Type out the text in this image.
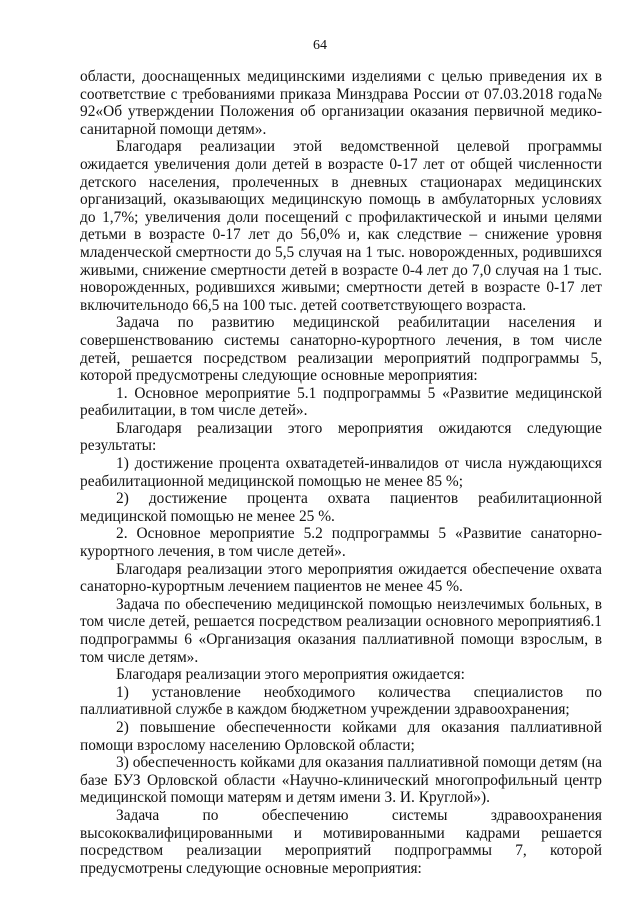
64

области, дооснащенных медицинскими изделиями с целью приведения их в соответствие с требованиями приказа Минздрава России от 07.03.2018 года№ 92«Об утверждении Положения об организации оказания первичной медико-санитарной помощи детям».

Благодаря реализации этой ведомственной целевой программы ожидается увеличения доли детей в возрасте 0-17 лет от общей численности детского населения, пролеченных в дневных стационарах медицинских организаций, оказывающих медицинскую помощь в амбулаторных условиях до 1,7%; увеличения доли посещений с профилактической и иными целями детьми в возрасте 0-17 лет до 56,0% и, как следствие – снижение уровня младенческой смертности до 5,5 случая на 1 тыс. новорожденных, родившихся живыми, снижение смертности детей в возрасте 0-4 лет до 7,0 случая на 1 тыс. новорожденных, родившихся живыми; смертности детей в возрасте 0-17 лет включительнодо 66,5 на 100 тыс. детей соответствующего возраста.

Задача по развитию медицинской реабилитации населения и совершенствованию системы санаторно-курортного лечения, в том числе детей, решается посредством реализации мероприятий подпрограммы 5, которой предусмотрены следующие основные мероприятия:

1. Основное мероприятие 5.1 подпрограммы 5 «Развитие медицинской реабилитации, в том числе детей».

Благодаря реализации этого мероприятия ожидаются следующие результаты:

1) достижение процента охватадетей-инвалидов от числа нуждающихся реабилитационной медицинской помощью не менее 85 %;

2) достижение процента охвата пациентов реабилитационной медицинской помощью не менее 25 %.

2. Основное мероприятие 5.2 подпрограммы 5 «Развитие санаторно-курортного лечения, в том числе детей».

Благодаря реализации этого мероприятия ожидается обеспечение охвата санаторно-курортным лечением пациентов не менее 45 %.

Задача по обеспечению медицинской помощью неизлечимых больных, в том числе детей, решается посредством реализации основного мероприятия6.1 подпрограммы 6 «Организация оказания паллиативной помощи взрослым, в том числе детям».

Благодаря реализации этого мероприятия ожидается:

1) установление необходимого количества специалистов по паллиативной службе в каждом бюджетном учреждении здравоохранения;

2) повышение обеспеченности койками для оказания паллиативной помощи взрослому населению Орловской области;

3) обеспеченность койками для оказания паллиативной помощи детям (на базе БУЗ Орловской области «Научно-клинический многопрофильный центр медицинской помощи матерям и детям имени З. И. Круглой»).

Задача по обеспечению системы здравоохранения высококвалифицированными и мотивированными кадрами решается посредством реализации мероприятий подпрограммы 7, которой предусмотрены следующие основные мероприятия:
